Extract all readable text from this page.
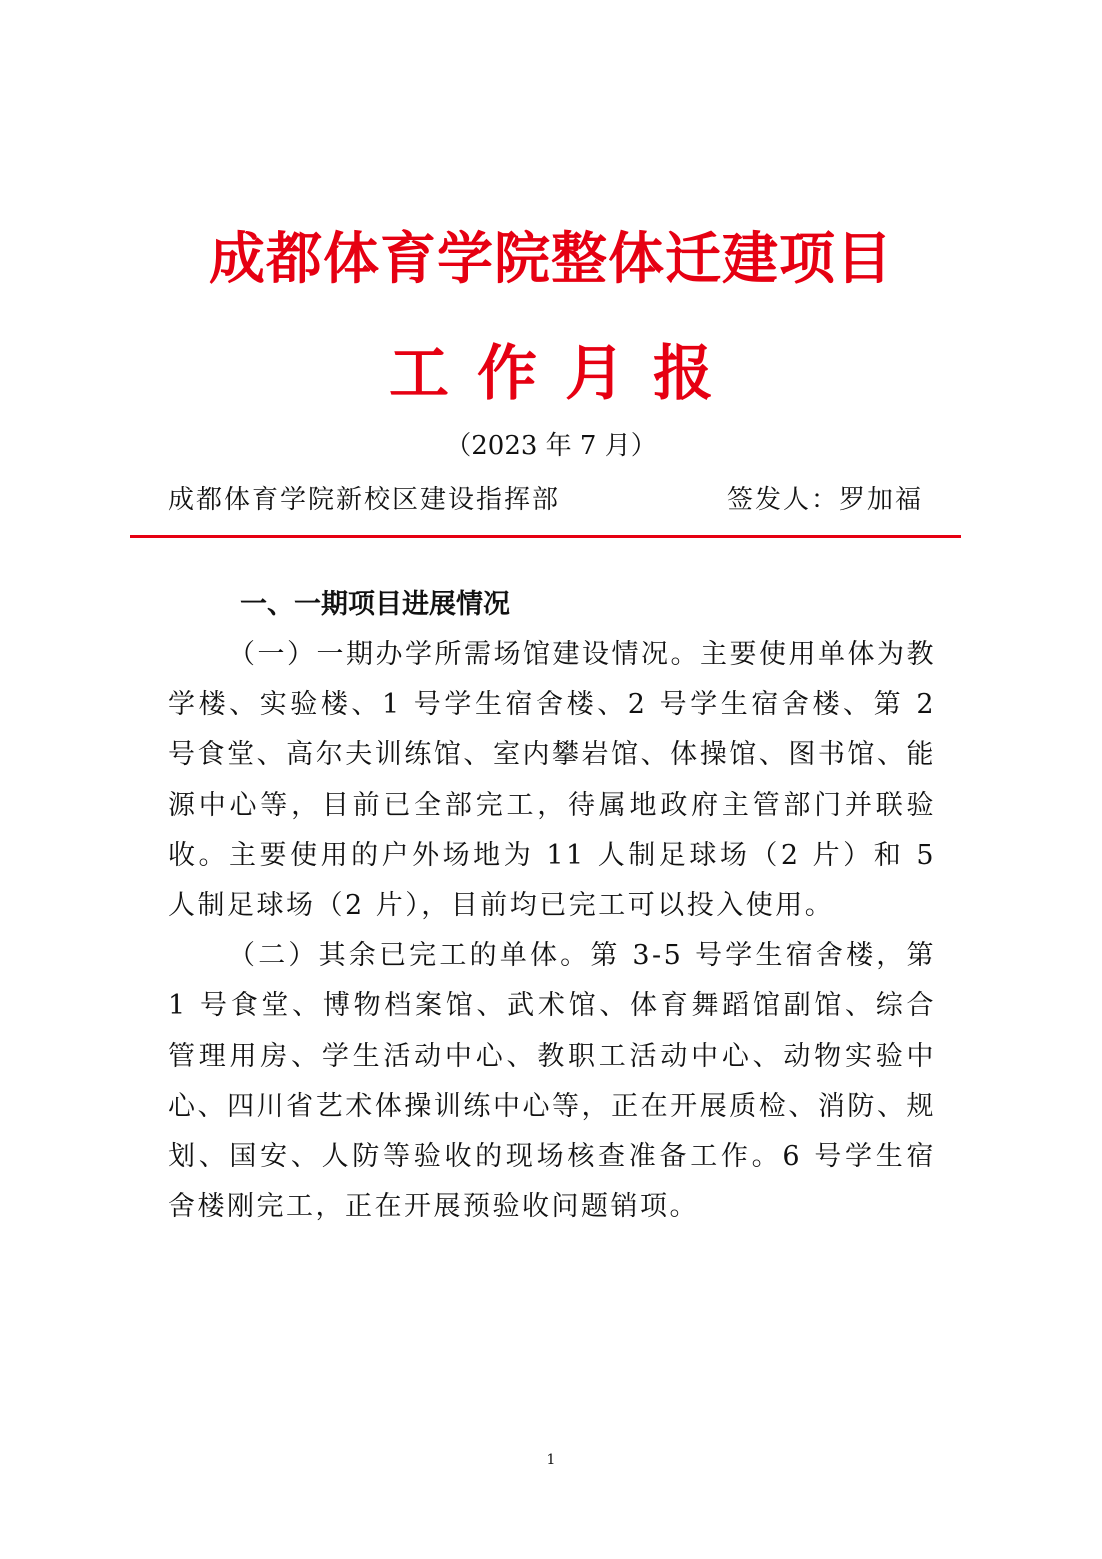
成都体育学院整体迁建项目
工作月报
（2023 年 7 月）
成都体育学院新校区建设指挥部	签发人：罗加福
一、一期项目进展情况

（一）一期办学所需场馆建设情况。主要使用单体为教学楼、实验楼、1 号学生宿舍楼、2 号学生宿舍楼、第 2 号食堂、高尔夫训练馆、室内攀岩馆、体操馆、图书馆、能源中心等，目前已全部完工，待属地政府主管部门并联验收。主要使用的户外场地为 11 人制足球场（2 片）和 5 人制足球场（2 片），目前均已完工可以投入使用。

（二）其余已完工的单体。第 3-5 号学生宿舍楼，第 1 号食堂、博物档案馆、武术馆、体育舞蹈馆副馆、综合管理用房、学生活动中心、教职工活动中心、动物实验中心、四川省艺术体操训练中心等，正在开展质检、消防、规划、国安、人防等验收的现场核查准备工作。6 号学生宿舍楼刚完工，正在开展预验收问题销项。

1
